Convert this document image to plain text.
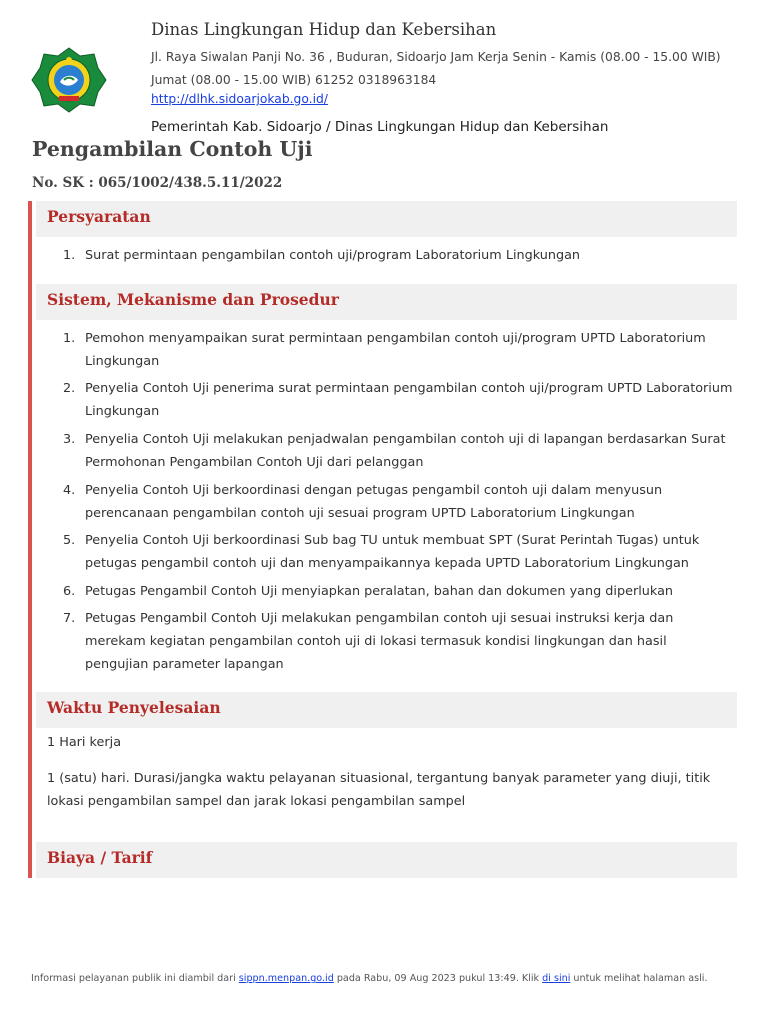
Dinas Lingkungan Hidup dan Kebersihan
Jl. Raya Siwalan Panji No. 36 , Buduran, Sidoarjo Jam Kerja Senin - Kamis (08.00 - 15.00 WIB) Jumat (08.00 - 15.00 WIB) 61252 0318963184
http://dlhk.sidoarjokab.go.id/
Pemerintah Kab. Sidoarjo / Dinas Lingkungan Hidup dan Kebersihan
Pengambilan Contoh Uji
No. SK : 065/1002/438.5.11/2022
Persyaratan
1. Surat permintaan pengambilan contoh uji/program Laboratorium Lingkungan
Sistem, Mekanisme dan Prosedur
1. Pemohon menyampaikan surat permintaan pengambilan contoh uji/program UPTD Laboratorium Lingkungan
2. Penyelia Contoh Uji penerima surat permintaan pengambilan contoh uji/program UPTD Laboratorium Lingkungan
3. Penyelia Contoh Uji melakukan penjadwalan pengambilan contoh uji di lapangan berdasarkan Surat Permohonan Pengambilan Contoh Uji dari pelanggan
4. Penyelia Contoh Uji berkoordinasi dengan petugas pengambil contoh uji dalam menyusun perencanaan pengambilan contoh uji sesuai program UPTD Laboratorium Lingkungan
5. Penyelia Contoh Uji berkoordinasi Sub bag TU untuk membuat SPT (Surat Perintah Tugas) untuk petugas pengambil contoh uji dan menyampaikannya kepada UPTD Laboratorium Lingkungan
6. Petugas Pengambil Contoh Uji menyiapkan peralatan, bahan dan dokumen yang diperlukan
7. Petugas Pengambil Contoh Uji melakukan pengambilan contoh uji sesuai instruksi kerja dan merekam kegiatan pengambilan contoh uji di lokasi termasuk kondisi lingkungan dan hasil pengujian parameter lapangan
Waktu Penyelesaian
1 Hari kerja
1 (satu) hari. Durasi/jangka waktu pelayanan situasional, tergantung banyak parameter yang diuji, titik lokasi pengambilan sampel dan jarak lokasi pengambilan sampel
Biaya / Tarif
Informasi pelayanan publik ini diambil dari sippn.menpan.go.id pada Rabu, 09 Aug 2023 pukul 13:49. Klik di sini untuk melihat halaman asli.
